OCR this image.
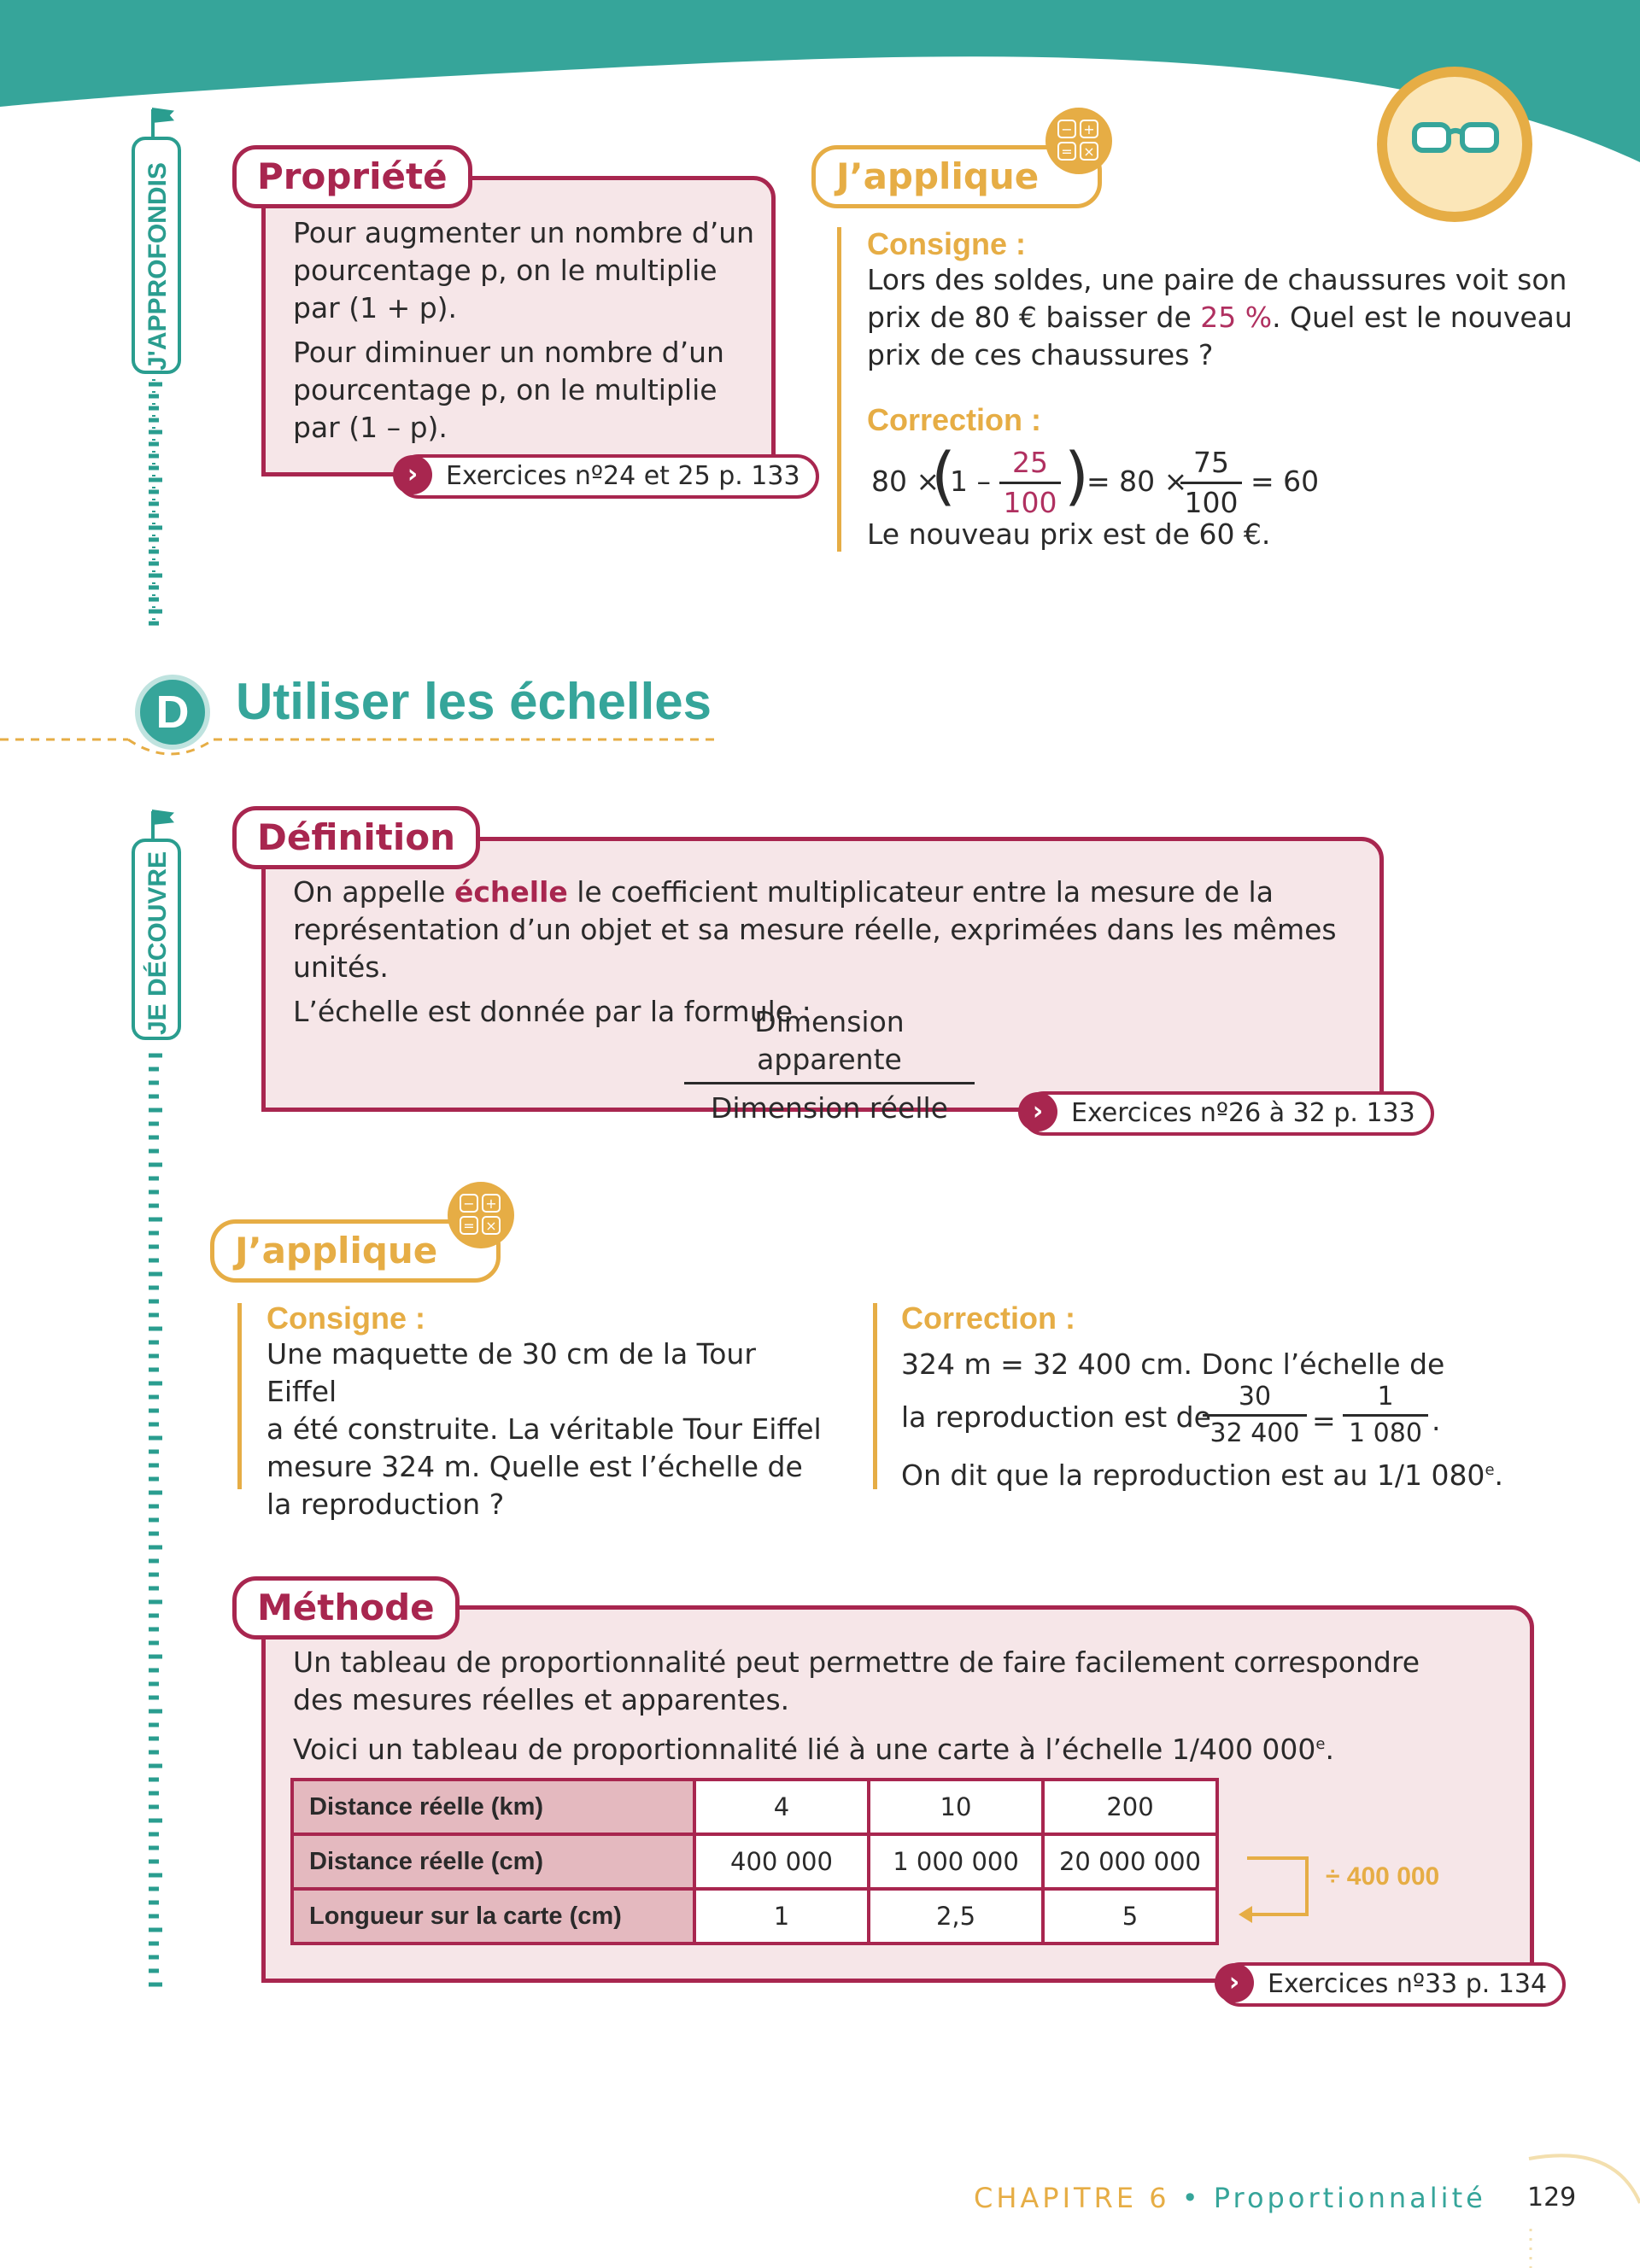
J'APPROFONDIS	Pour augmenter un nombre d’un
pourcentage p, on le multiplie
par (1 + p).
Pour diminuer un nombre d’un
pourcentage p, on le multiplie
par (1 – p).
Propriété
›	Exercices nº24 et 25 p. 133
J’applique
− +
= ×
Consigne :
Lors des soldes, une paire de chaussures voit son
prix de 80 € baisser de 25 %. Quel est le nouveau
prix de ces chaussures ?
Correction :
80 ×
(
$1 - \frac{25}{100}$ )
= 80 ×
$\frac{75}{100} = 60$
Le nouveau prix est de 60 €.
D Utiliser les échelles
JE DÉCOUVRE	On appelle échelle le coefficient multiplicateur entre la mesure de la
représentation d’un objet et sa mesure réelle, exprimées dans les mêmes unités.
L’échelle est donnée par la formule :
Dimension apparente
Dimension réelle
Définition
›	Exercices nº26 à 32 p. 133
J’applique
− +
= ×
Consigne :
Une maquette de 30 cm de la Tour Eiffel
a été construite. La véritable Tour Eiffel
mesure 324 m. Quelle est l’échelle de
la reproduction ?
Correction :
324 m = 32 400 cm. Donc l’échelle de
la reproduction est de
$\frac{30}{32 400} = \frac{1}{1 080}$ .
On dit que la reproduction est au 1/1 080e.
Un tableau de proportionnalité peut permettre de faire facilement correspondre
des mesures réelles et apparentes.
Voici un tableau de proportionnalité lié à une carte à l’échelle 1/400 000e.
Méthode
Distance réelle (km)	4	10	200
Distance réelle (cm)	400 000	1 000 000	20 000 000
Longueur sur la carte (cm)	1	2,5	5
÷ 400 000
›	Exercices nº33 p. 134
CHAPITRE 6 • Proportionnalité 129
